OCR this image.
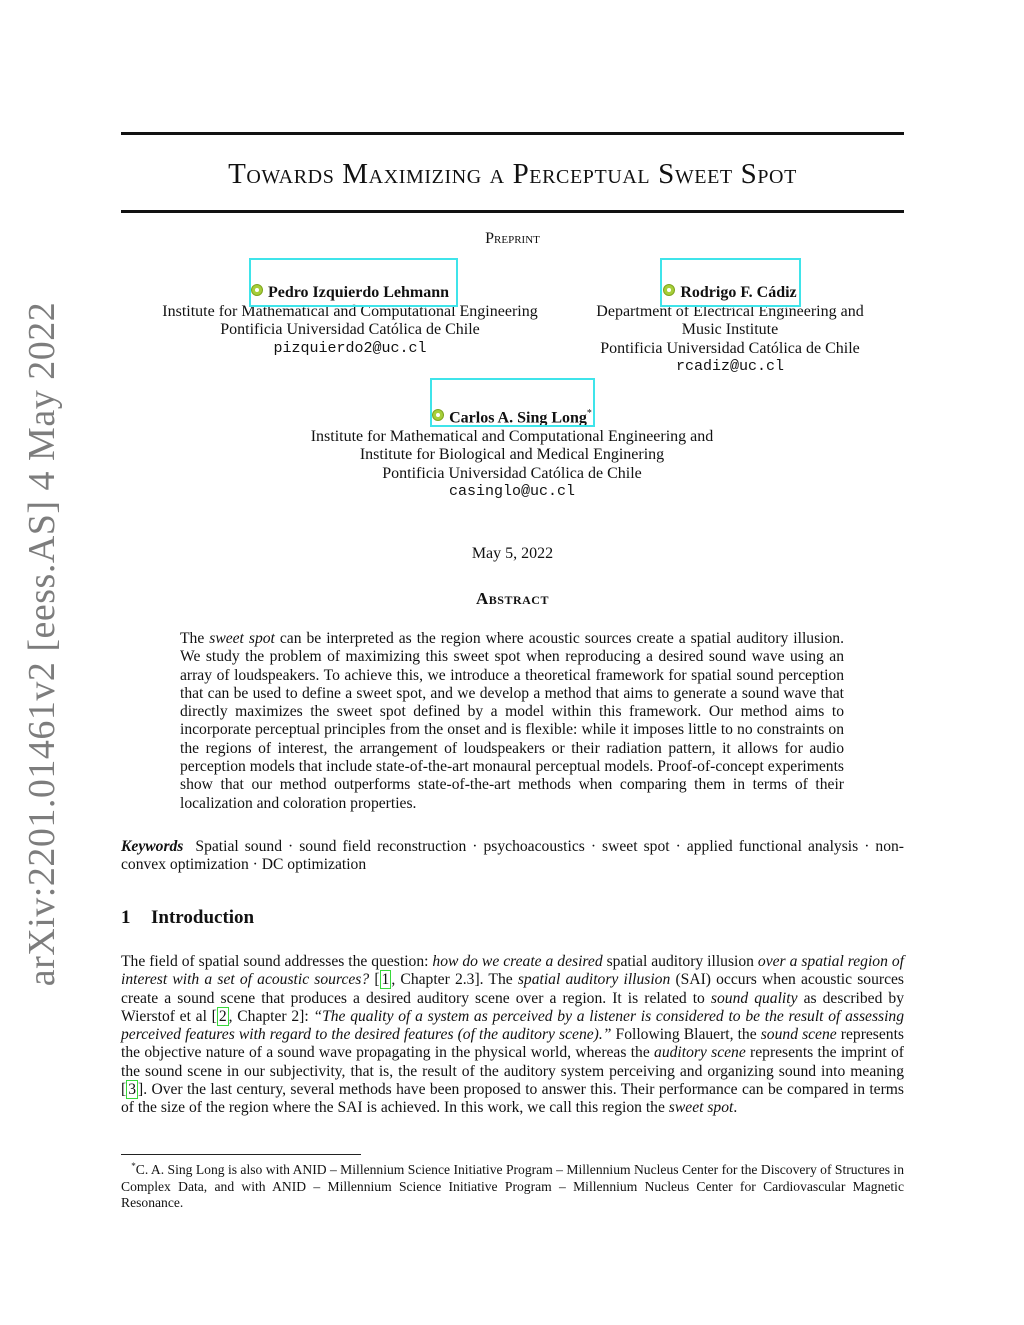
arXiv:2201.01461v2 [eess.AS] 4 May 2022
Towards Maximizing a Perceptual Sweet Spot
Preprint
Pedro Izquierdo Lehmann
Institute for Mathematical and Computational Engineering
Pontificia Universidad Católica de Chile
pizquierdo2@uc.cl
Rodrigo F. Cádiz
Department of Electrical Engineering and
Music Institute
Pontificia Universidad Católica de Chile
rcadiz@uc.cl
Carlos A. Sing Long*
Institute for Mathematical and Computational Engineering and
Institute for Biological and Medical Enginering
Pontificia Universidad Católica de Chile
casinglo@uc.cl
May 5, 2022
Abstract
The sweet spot can be interpreted as the region where acoustic sources create a spatial auditory illusion. We study the problem of maximizing this sweet spot when reproducing a desired sound wave using an array of loudspeakers. To achieve this, we introduce a theoretical framework for spatial sound perception that can be used to define a sweet spot, and we develop a method that aims to generate a sound wave that directly maximizes the sweet spot defined by a model within this framework. Our method aims to incorporate perceptual principles from the onset and is flexible: while it imposes little to no constraints on the regions of interest, the arrangement of loudspeakers or their radiation pattern, it allows for audio perception models that include state-of-the-art monaural perceptual models. Proof-of-concept experiments show that our method outperforms state-of-the-art methods when comparing them in terms of their localization and coloration properties.
Keywords Spatial sound · sound field reconstruction · psychoacoustics · sweet spot · applied functional analysis · non-convex optimization · DC optimization
1 Introduction
The field of spatial sound addresses the question: how do we create a desired spatial auditory illusion over a spatial region of interest with a set of acoustic sources? [ 1 , Chapter 2.3]. The spatial auditory illusion (SAI) occurs when acoustic sources create a sound scene that produces a desired auditory scene over a region. It is related to sound quality as described by Wierstof et al [ 2 , Chapter 2]: “The quality of a system as perceived by a listener is considered to be the result of assessing perceived features with regard to the desired features (of the auditory scene).” Following Blauert, the sound scene represents the objective nature of a sound wave propagating in the physical world, whereas the auditory scene represents the imprint of the sound scene in our subjectivity, that is, the result of the auditory system perceiving and organizing sound into meaning [ 3 ]. Over the last century, several methods have been proposed to answer this. Their performance can be compared in terms of the size of the region where the SAI is achieved. In this work, we call this region the sweet spot.
*C. A. Sing Long is also with ANID – Millennium Science Initiative Program – Millennium Nucleus Center for the Discovery of Structures in Complex Data, and with ANID – Millennium Science Initiative Program – Millennium Nucleus Center for Cardiovascular Magnetic Resonance.
